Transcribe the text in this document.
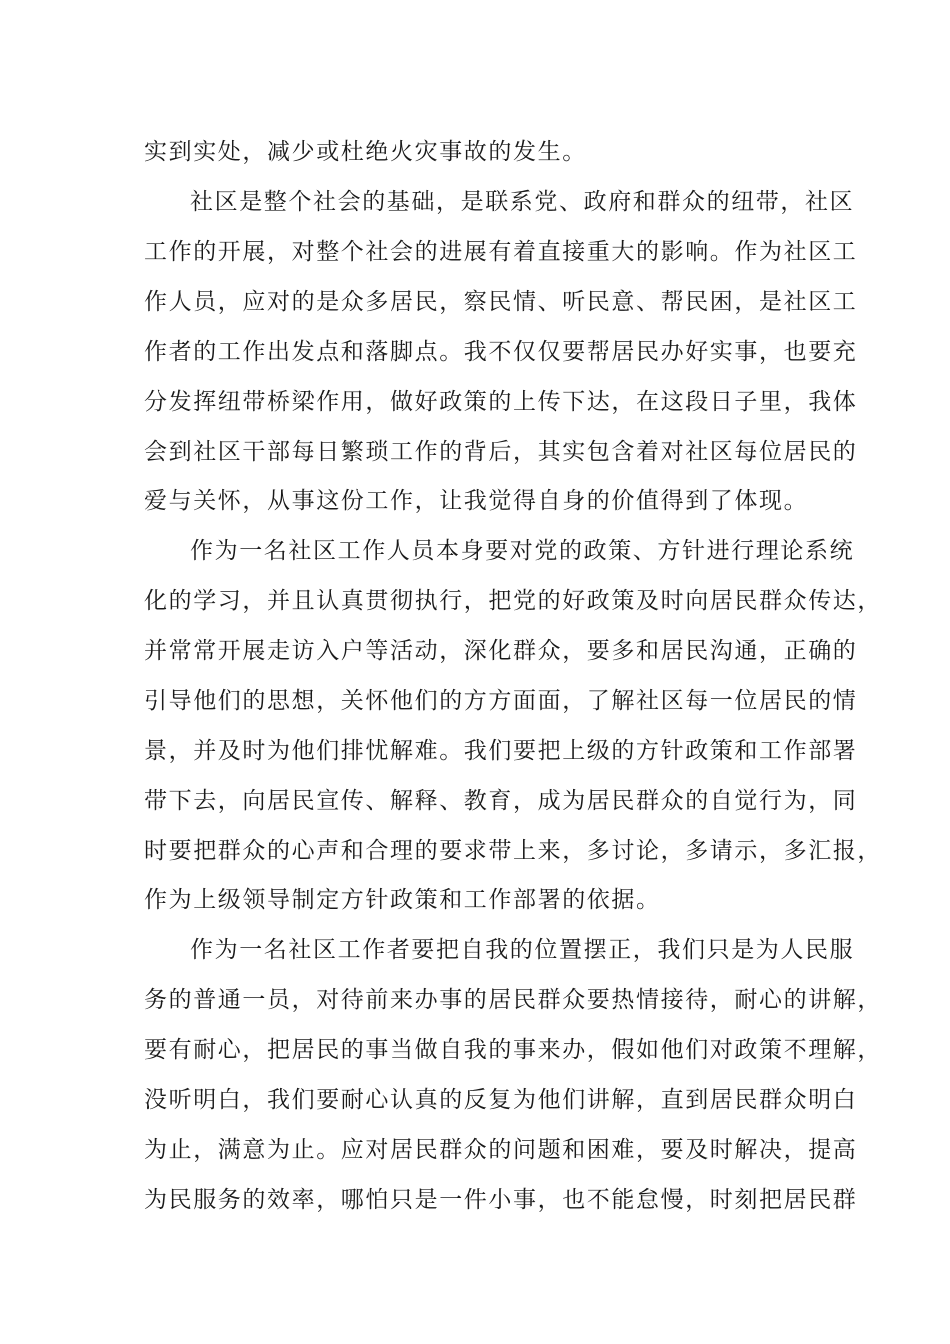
实到实处，减少或杜绝火灾事故的发生。
社区是整个社会的基础，是联系党、政府和群众的纽带，社区
工作的开展，对整个社会的进展有着直接重大的影响。作为社区工
作人员，应对的是众多居民，察民情、听民意、帮民困，是社区工
作者的工作出发点和落脚点。我不仅仅要帮居民办好实事，也要充
分发挥纽带桥梁作用，做好政策的上传下达，在这段日子里，我体
会到社区干部每日繁琐工作的背后，其实包含着对社区每位居民的
爱与关怀，从事这份工作，让我觉得自身的价值得到了体现。
作为一名社区工作人员本身要对党的政策、方针进行理论系统
化的学习，并且认真贯彻执行，把党的好政策及时向居民群众传达，
并常常开展走访入户等活动，深化群众，要多和居民沟通，正确的
引导他们的思想，关怀他们的方方面面，了解社区每一位居民的情
景，并及时为他们排忧解难。我们要把上级的方针政策和工作部署
带下去，向居民宣传、解释、教育，成为居民群众的自觉行为，同
时要把群众的心声和合理的要求带上来，多讨论，多请示，多汇报，
作为上级领导制定方针政策和工作部署的依据。
作为一名社区工作者要把自我的位置摆正，我们只是为人民服
务的普通一员，对待前来办事的居民群众要热情接待，耐心的讲解，
要有耐心，把居民的事当做自我的事来办，假如他们对政策不理解，
没听明白，我们要耐心认真的反复为他们讲解，直到居民群众明白
为止，满意为止。应对居民群众的问题和困难，要及时解决，提高
为民服务的效率，哪怕只是一件小事，也不能怠慢，时刻把居民群
